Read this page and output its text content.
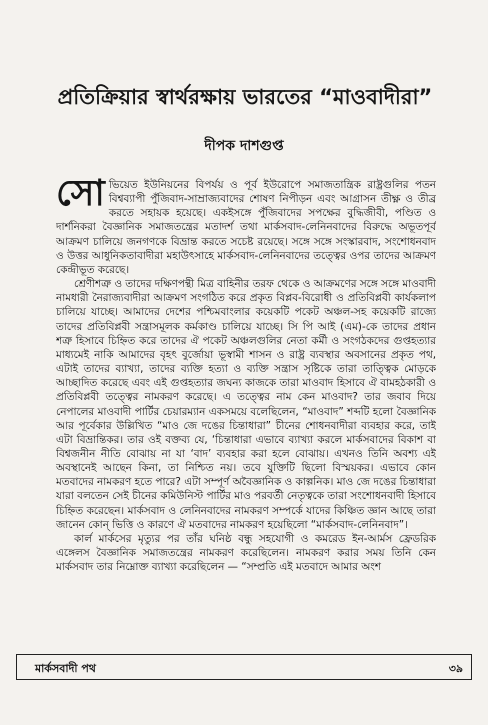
প্রতিক্রিয়ার স্বার্থরক্ষায় ভারতের “মাওবাদীরা”
দীপক দাশগুপ্ত

সোভিয়েত ইউনিয়নের বিপর্যয় ও পূর্ব ইউরোপে সমাজতান্ত্রিক রাষ্ট্রগুলির পতন বিশ্বব্যাপী পুঁজিবাদ-সাম্রাজ্যবাদের শোষণ নিপীড়ন এবং আগ্রাসন তীক্ষ্ণ ও তীব্র করতে সহায়ক হয়েছে। একইসঙ্গে পুঁজিবাদের সপক্ষের বুদ্ধিজীবী, পণ্ডিত ও দার্শনিকরা বৈজ্ঞানিক সমাজতন্ত্রের মতাদর্শ তথা মার্কসবাদ-লেনিনবাদের বিরুদ্ধে অভূতপূর্ব আক্রমণ চালিয়ে জনগণকে বিভ্রান্ত করতে সচেষ্ট রয়েছে। সঙ্গে সঙ্গে সংস্কারবাদ, সংশোধনবাদ ও উত্তর আধুনিকতাবাদীরা মহাউৎসাহে মার্কসবাদ-লেনিনবাদের তত্ত্বের ওপর তাদের আক্রমণ কেন্দ্রীভূত করেছে।

শ্রেণীশত্রু ও তাদের দক্ষিণপন্থী মিত্র বাহিনীর তরফ থেকে ও আক্রমণের সঙ্গে সঙ্গে মাওবাদী নামধারী নৈরাজ্যবাদীরা আক্রমণ সংগঠিত করে প্রকৃত বিপ্লব-বিরোধী ও প্রতিবিপ্লবী কার্যকলাপ চালিয়ে যাচ্ছে। আমাদের দেশের পশ্চিমবাংলার কয়েকটি পকেট অঞ্চল-সহ কয়েকটি রাজ্যে তাদের প্রতিবিপ্লবী সন্ত্রাসমূলক কর্মকাণ্ড চালিয়ে যাচ্ছে। সি পি আই (এম)-কে তাদের প্রধান শত্রু হিসাবে চিহ্নিত করে তাদের ঐ পকেট অঞ্চলগুলির নেতা কর্মী ও সংগঠকদের গুপ্তহত্যার মাধ্যমেই নাকি আমাদের বৃহৎ বুর্জোয়া ভূস্বামী শাসন ও রাষ্ট্র ব্যবস্থার অবসানের প্রকৃত পথ, এটাই তাদের ব্যাখ্যা, তাদের ব্যক্তি হত্যা ও ব্যক্তি সন্ত্রাস সৃষ্টিকে তারা তাত্ত্বিক মোড়কে আচ্ছাদিত করেছে এবং এই গুপ্তহত্যার জঘন্য কাজকে তারা মাওবাদ হিসাবে ঐ বামহঠকারী ও প্রতিবিপ্লবী তত্ত্বের নামকরণ করেছে। এ তত্ত্বের নাম কেন মাওবাদ? তার জবাব দিয়ে নেপালের মাওবাদী পার্টির চেয়ারম্যান একসময়ে বলেছিলেন, “মাওবাদ” শব্দটি হলো বৈজ্ঞানিক আর পূর্বেকার উল্লিখিত “মাও জে দঙের চিন্তাধারা” চীনের শোধনবাদীরা ব্যবহার করে, তাই এটা বিভ্রান্তিকর। তার ওই বক্তব্য যে, ‘চিন্তাধারা এভাবে ব্যাখ্যা করলে মার্কসবাদের বিকাশ বা বিশ্বজনীন নীতি বোঝায় না যা ‘বাদ’ ব্যবহার করা হলে বোঝায়। এখনও তিনি অবশ্য এই অবস্থানেই আছেন কিনা, তা নিশ্চিত নয়। তবে যুক্তিটি ছিলো বিস্ময়কর। এভাবে কোন মতবাদের নামকরণ হতে পারে? এটা সম্পূর্ণ অবৈজ্ঞানিক ও কাল্পনিক। মাও জে দঙের চিন্তাধারা যারা বলতেন সেই চীনের কমিউনিস্ট পার্টির মাও পরবর্তী নেতৃত্বকে তারা সংশোধনবাদী হিসাবে চিহ্নিত করেছেন। মার্কসবাদ ও লেনিনবাদের নামকরণ সম্পর্কে যাদের কিঞ্চিত জ্ঞান আছে তারা জানেন কোন্ ভিত্তি ও কারণে ঐ মতবাদের নামকরণ হয়েছিলো “মার্কসবাদ-লেনিনবাদ”।

কার্ল মার্কসের মৃত্যুর পর তাঁর ঘনিষ্ঠ বন্ধু সহযোগী ও কমরেড ইন-আর্মস ফ্রেডরিক এঙ্গেলস বৈজ্ঞানিক সমাজতন্ত্রের নামকরণ করেছিলেন। নামকরণ করার সময় তিনি কেন মার্কসবাদ তার নিম্নোক্ত ব্যাখ্যা করেছিলেন — “সম্প্রতি এই মতবাদে আমার অংশ

মার্কসবাদী পথ	৩৯
